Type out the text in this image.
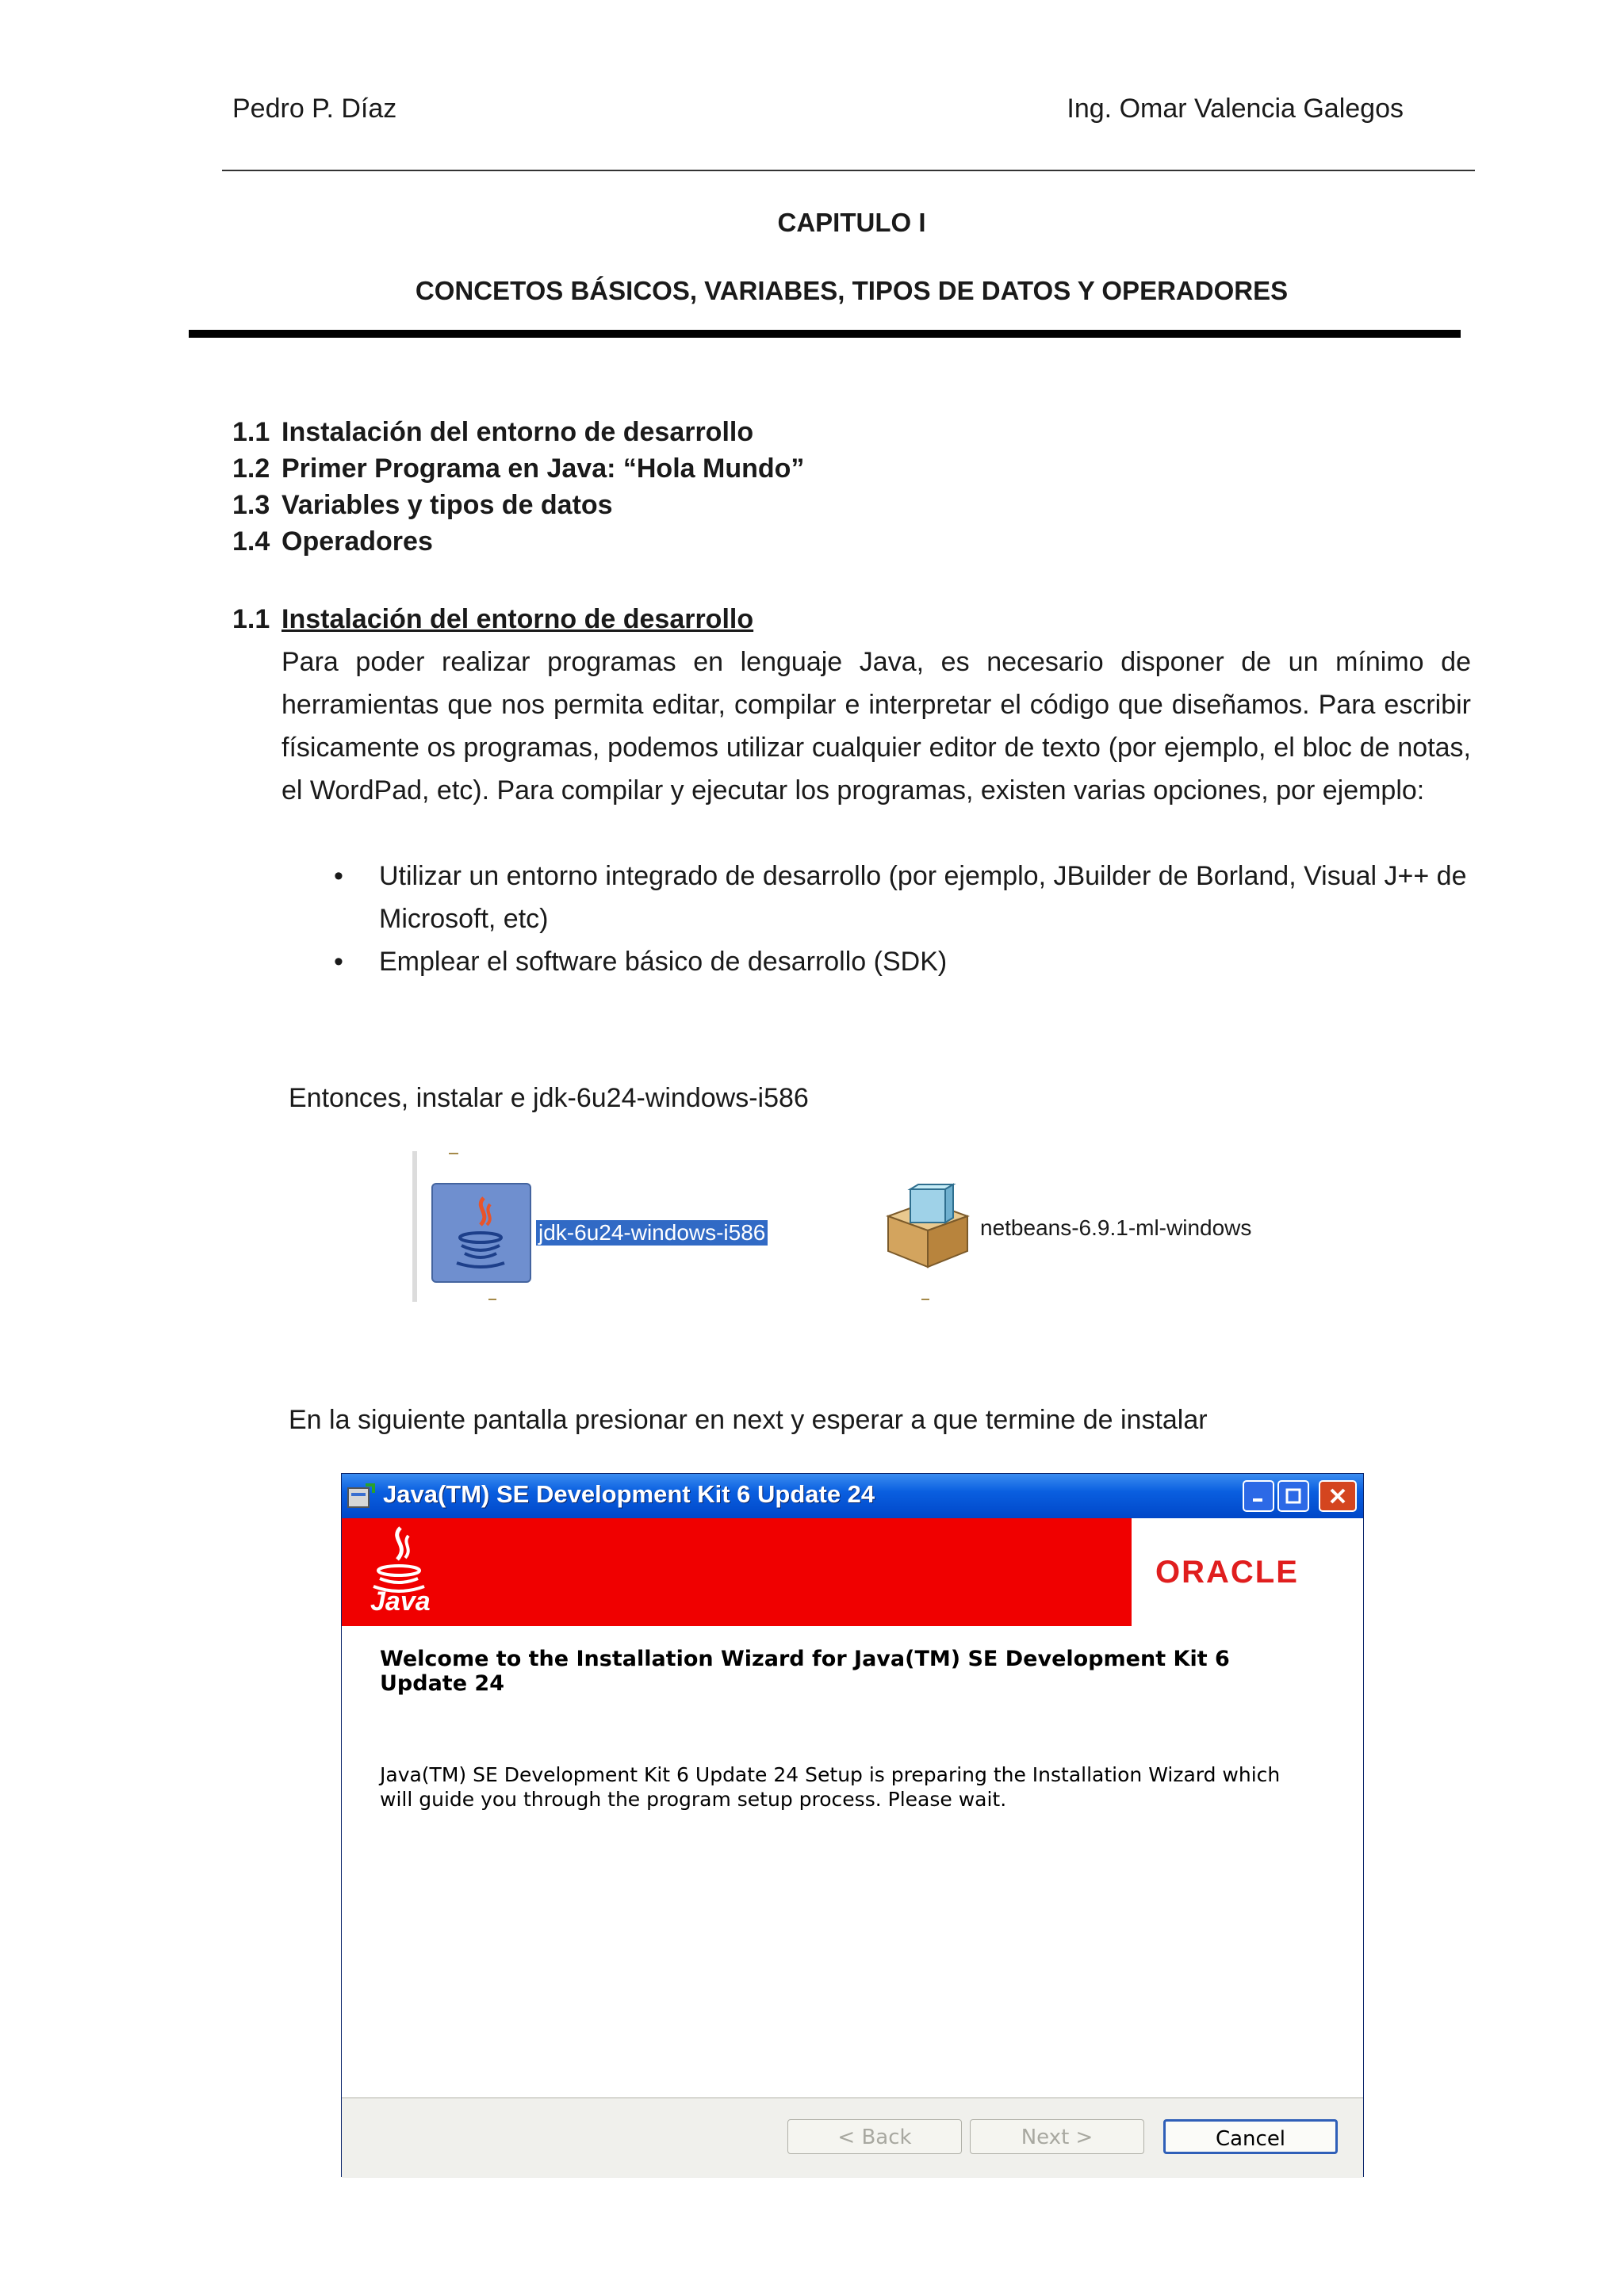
Pedro P. Díaz	Ing. Omar Valencia Galegos
CAPITULO I
CONCETOS BÁSICOS, VARIABES, TIPOS DE DATOS Y OPERADORES
1.1 Instalación del entorno de desarrollo
1.2 Primer Programa en Java: “Hola Mundo”
1.3 Variables y tipos de datos
1.4 Operadores
1.1 Instalación del entorno de desarrollo
Para poder realizar programas en lenguaje Java, es necesario disponer de un mínimo de herramientas que nos permita editar, compilar e interpretar el código que diseñamos. Para escribir físicamente os programas, podemos utilizar cualquier editor de texto (por ejemplo, el bloc de notas, el WordPad, etc). Para compilar y ejecutar los programas, existen varias opciones, por ejemplo:
• Utilizar un entorno integrado de desarrollo (por ejemplo, JBuilder de Borland, Visual J++ de Microsoft, etc)
• Emplear el software básico de desarrollo (SDK)
Entonces, instalar e jdk-6u24-windows-i586
jdk-6u24-windows-i586	netbeans-6.9.1-ml-windows
En la siguiente pantalla presionar en next y esperar a que termine de instalar
Java(TM) SE Development Kit 6 Update 24
Java
ORACLE
Welcome to the Installation Wizard for Java(TM) SE Development Kit 6 Update 24
Java(TM) SE Development Kit 6 Update 24 Setup is preparing the Installation Wizard which will guide you through the program setup process. Please wait.
< Back	Next >	Cancel
